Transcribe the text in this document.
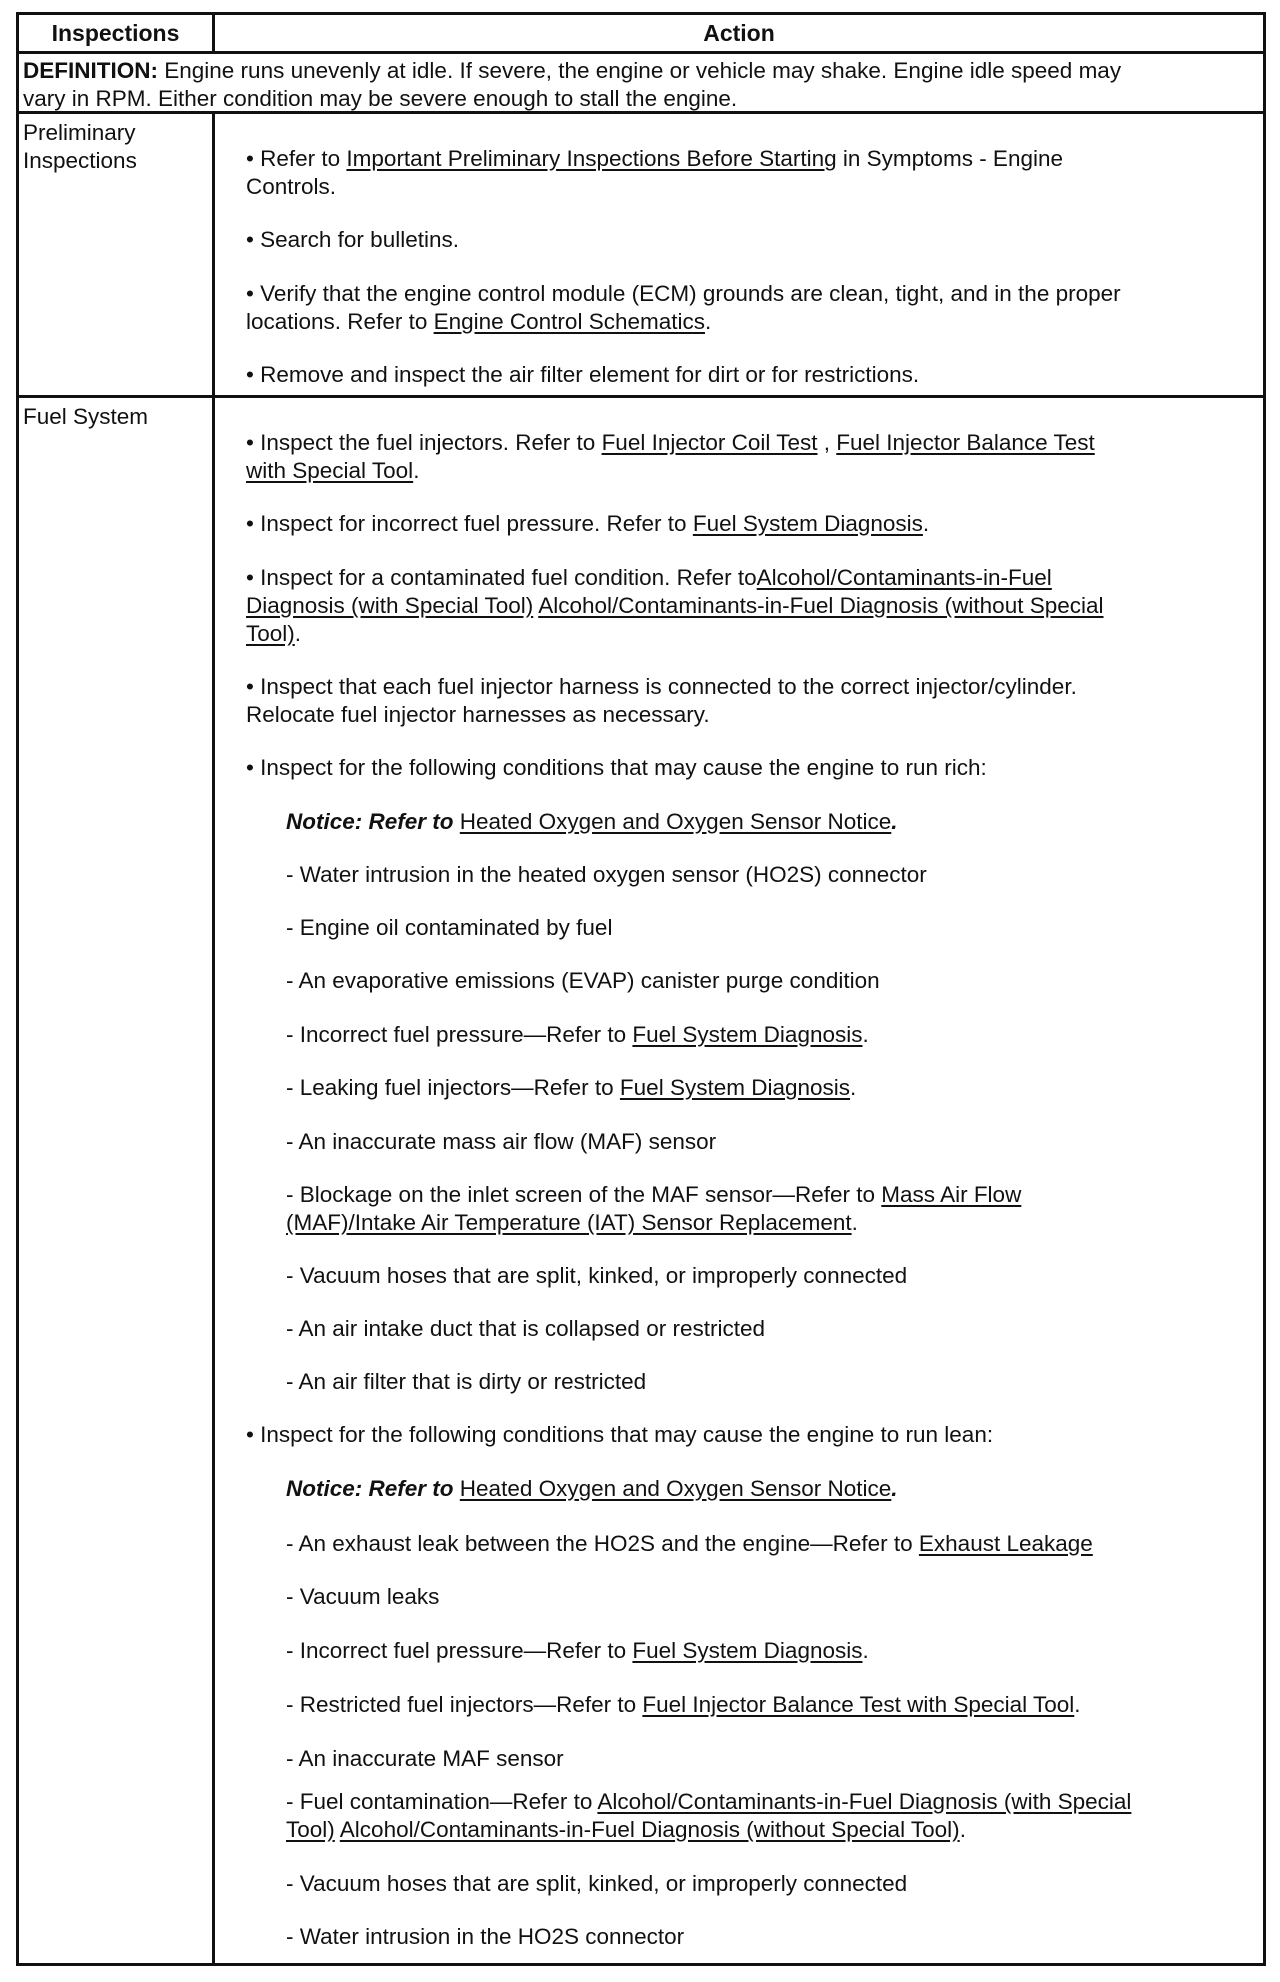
Inspections	Action
DEFINITION: Engine runs unevenly at idle. If severe, the engine or vehicle may shake. Engine idle speed may
vary in RPM. Either condition may be severe enough to stall the engine.
Preliminary Inspections	• Refer to Important Preliminary Inspections Before Starting in Symptoms - Engine
Controls.
• Search for bulletins.
• Verify that the engine control module (ECM) grounds are clean, tight, and in the proper
locations. Refer to Engine Control Schematics.
• Remove and inspect the air filter element for dirt or for restrictions.
Fuel System
• Inspect the fuel injectors. Refer to Fuel Injector Coil Test , Fuel Injector Balance Test
with Special Tool.
• Inspect for incorrect fuel pressure. Refer to Fuel System Diagnosis.
• Inspect for a contaminated fuel condition. Refer toAlcohol/Contaminants-in-Fuel
Diagnosis (with Special Tool) Alcohol/Contaminants-in-Fuel Diagnosis (without Special
Tool).
• Inspect that each fuel injector harness is connected to the correct injector/cylinder.
Relocate fuel injector harnesses as necessary.
• Inspect for the following conditions that may cause the engine to run rich:
Notice: Refer to Heated Oxygen and Oxygen Sensor Notice.
- Water intrusion in the heated oxygen sensor (HO2S) connector
- Engine oil contaminated by fuel
- An evaporative emissions (EVAP) canister purge condition
- Incorrect fuel pressure—Refer to Fuel System Diagnosis.
- Leaking fuel injectors—Refer to Fuel System Diagnosis.
- An inaccurate mass air flow (MAF) sensor
- Blockage on the inlet screen of the MAF sensor—Refer to Mass Air Flow
(MAF)/Intake Air Temperature (IAT) Sensor Replacement.
- Vacuum hoses that are split, kinked, or improperly connected
- An air intake duct that is collapsed or restricted
- An air filter that is dirty or restricted
• Inspect for the following conditions that may cause the engine to run lean:
Notice: Refer to Heated Oxygen and Oxygen Sensor Notice.
- An exhaust leak between the HO2S and the engine—Refer to Exhaust Leakage
- Vacuum leaks
- Incorrect fuel pressure—Refer to Fuel System Diagnosis.
- Restricted fuel injectors—Refer to Fuel Injector Balance Test with Special Tool.
- An inaccurate MAF sensor
- Fuel contamination—Refer to Alcohol/Contaminants-in-Fuel Diagnosis (with Special
Tool) Alcohol/Contaminants-in-Fuel Diagnosis (without Special Tool).
- Vacuum hoses that are split, kinked, or improperly connected
- Water intrusion in the HO2S connector
